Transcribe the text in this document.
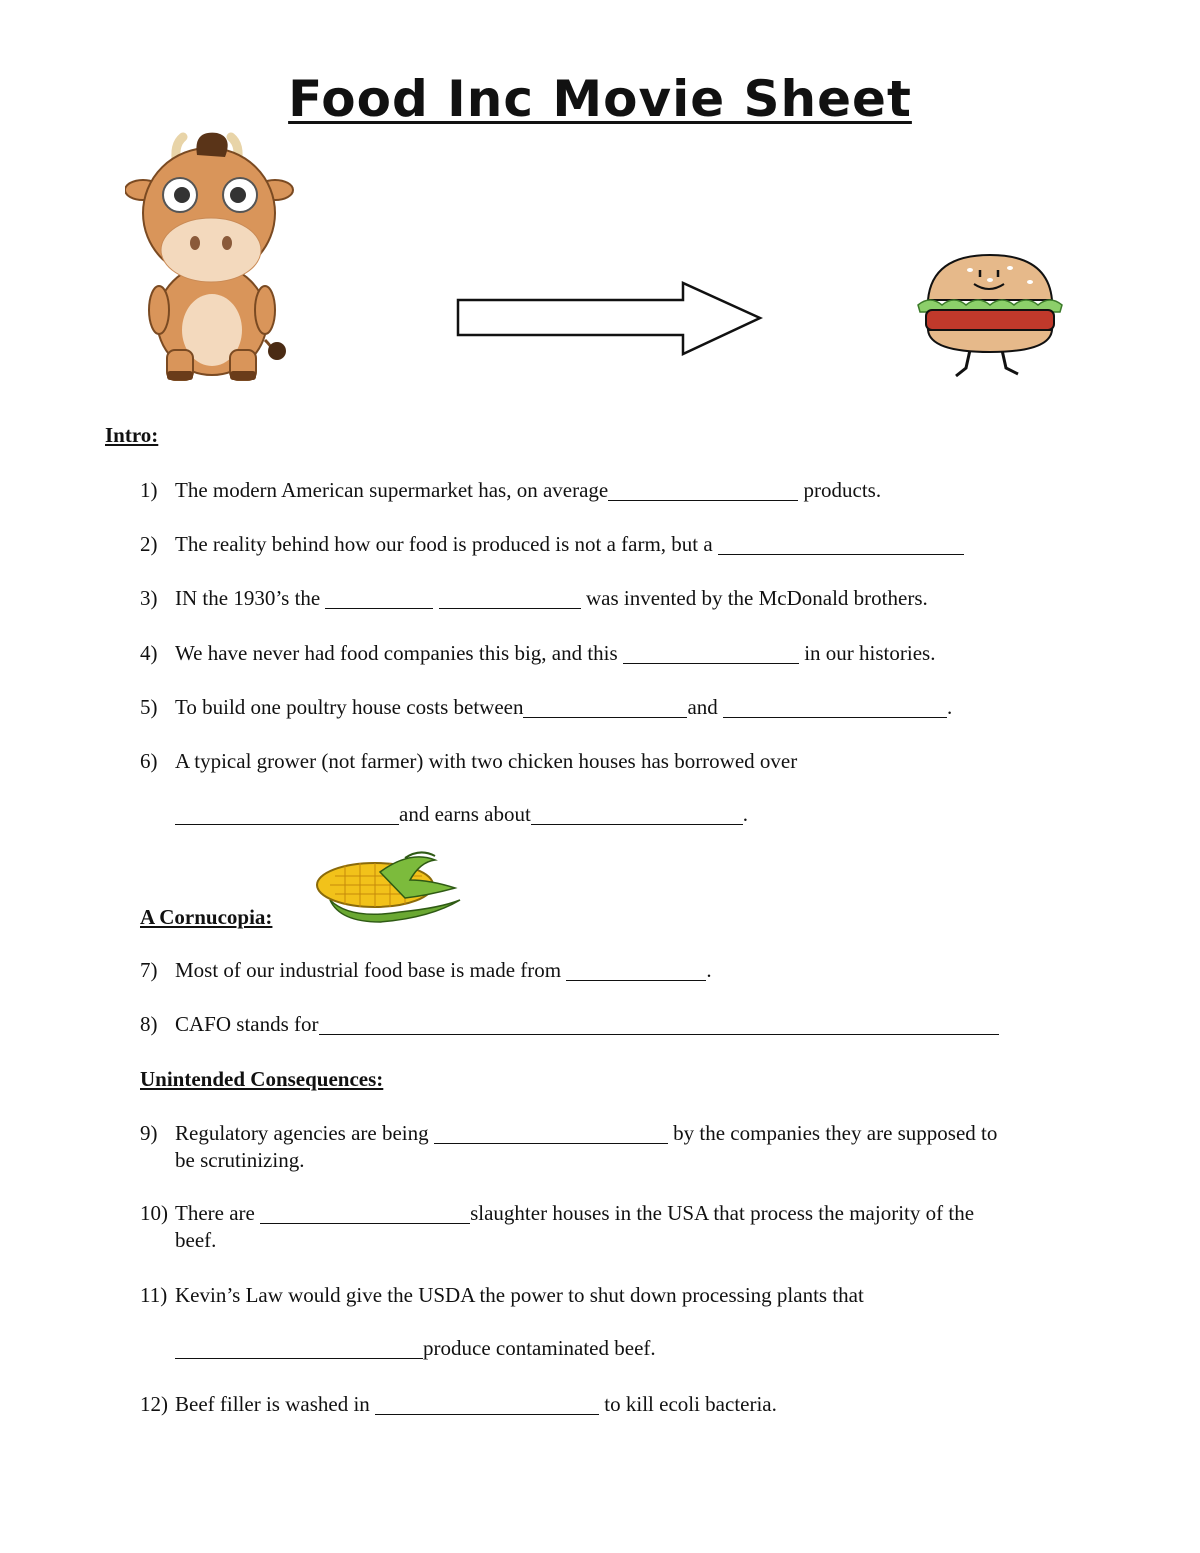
Food Inc Movie Sheet
Intro:
1) The modern American supermarket has, on average	products.
2) The reality behind how our food is produced is not a farm, but a
3) IN the 1930’s the	was invented by the McDonald brothers.
4) We have never had food companies this big, and this	in our histories.
5) To build one poultry house costs between	and	.
6) A typical grower (not farmer) with two chicken houses has borrowed over
and earns about	.
A Cornucopia:
7) Most of our industrial food base is made from	.
8) CAFO stands for
Unintended Consequences:
9) Regulatory agencies are being	by the companies they are supposed to
be scrutinizing.
10) There are	slaughter houses in the USA that process the majority of the
beef.
11) Kevin’s Law would give the USDA the power to shut down processing plants that
produce contaminated beef.
12) Beef filler is washed in	to kill ecoli bacteria.
